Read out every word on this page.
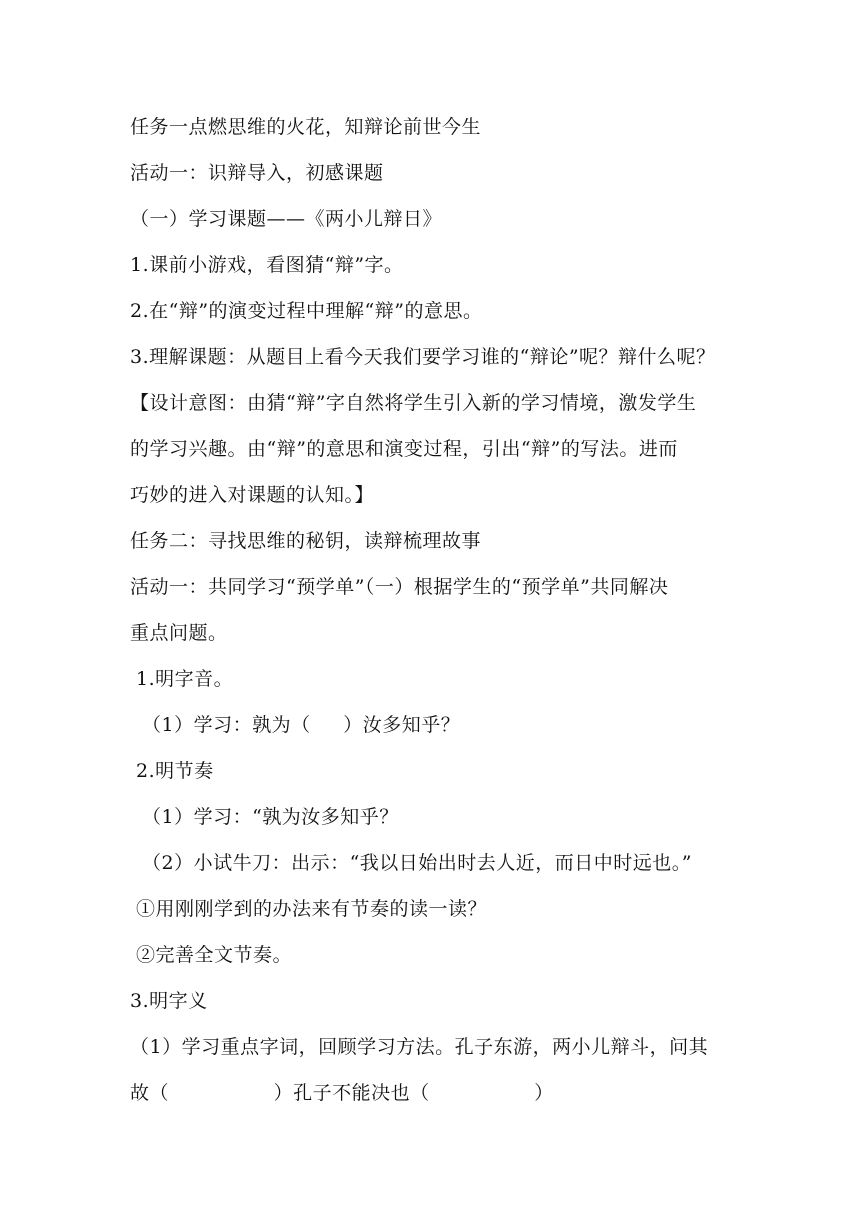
任务一点燃思维的火花，知辩论前世今生
活动一：识辩导入，初感课题
（一）学习课题——《两小儿辩日》
1.课前小游戏，看图猜“辩”字。
2.在“辩”的演变过程中理解“辩”的意思。
3.理解课题：从题目上看今天我们要学习谁的“辩论”呢？辩什么呢？
【设计意图：由猜“辩”字自然将学生引入新的学习情境，激发学生
的学习兴趣。由“辩”的意思和演变过程，引出“辩”的写法。进而
巧妙的进入对课题的认知。】
任务二：寻找思维的秘钥，读辩梳理故事
活动一：共同学习“预学单”（一）根据学生的“预学单”共同解决
重点问题。
1.明字音。
（1）学习：孰为（     ）汝多知乎？
2.明节奏
（1）学习：“孰为汝多知乎？
（2）小试牛刀：出示：“我以日始出时去人近，而日中时远也。”
①用刚刚学到的办法来有节奏的读一读？
②完善全文节奏。
3.明字义
（1）学习重点字词，回顾学习方法。孔子东游，两小儿辩斗，问其
故（                ）孔子不能决也（                ）
